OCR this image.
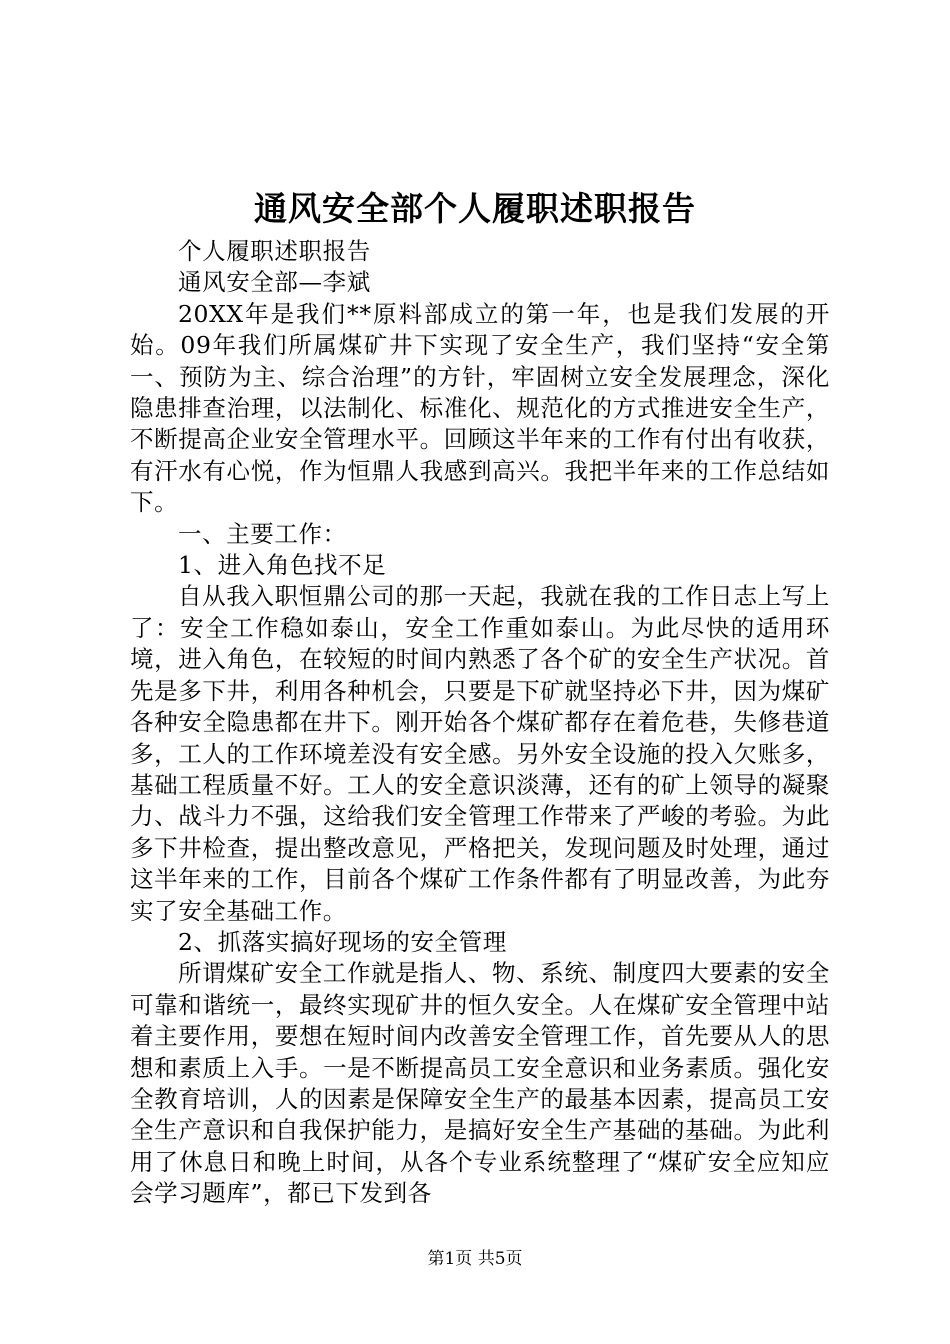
通风安全部个人履职述职报告

个人履职述职报告

通风安全部—李斌

20XX年是我们**原料部成立的第一年，也是我们发展的开始。09年我们所属煤矿井下实现了安全生产，我们坚持“安全第一、预防为主、综合治理”的方针，牢固树立安全发展理念，深化隐患排查治理，以法制化、标准化、规范化的方式推进安全生产，不断提高企业安全管理水平。回顾这半年来的工作有付出有收获，有汗水有心悦，作为恒鼎人我感到高兴。我把半年来的工作总结如下。

一、主要工作：

1、进入角色找不足

自从我入职恒鼎公司的那一天起，我就在我的工作日志上写上了：安全工作稳如泰山，安全工作重如泰山。为此尽快的适用环境，进入角色，在较短的时间内熟悉了各个矿的安全生产状况。首先是多下井，利用各种机会，只要是下矿就坚持必下井，因为煤矿各种安全隐患都在井下。刚开始各个煤矿都存在着危巷，失修巷道多，工人的工作环境差没有安全感。另外安全设施的投入欠账多，基础工程质量不好。工人的安全意识淡薄，还有的矿上领导的凝聚力、战斗力不强，这给我们安全管理工作带来了严峻的考验。为此多下井检查，提出整改意见，严格把关，发现问题及时处理，通过这半年来的工作，目前各个煤矿工作条件都有了明显改善，为此夯实了安全基础工作。

2、抓落实搞好现场的安全管理

所谓煤矿安全工作就是指人、物、系统、制度四大要素的安全可靠和谐统一，最终实现矿井的恒久安全。人在煤矿安全管理中站着主要作用，要想在短时间内改善安全管理工作，首先要从人的思想和素质上入手。一是不断提高员工安全意识和业务素质。强化安全教育培训，人的因素是保障安全生产的最基本因素，提高员工安全生产意识和自我保护能力，是搞好安全生产基础的基础。为此利用了休息日和晚上时间，从各个专业系统整理了“煤矿安全应知应会学习题库”，都已下发到各

第1页 共5页
